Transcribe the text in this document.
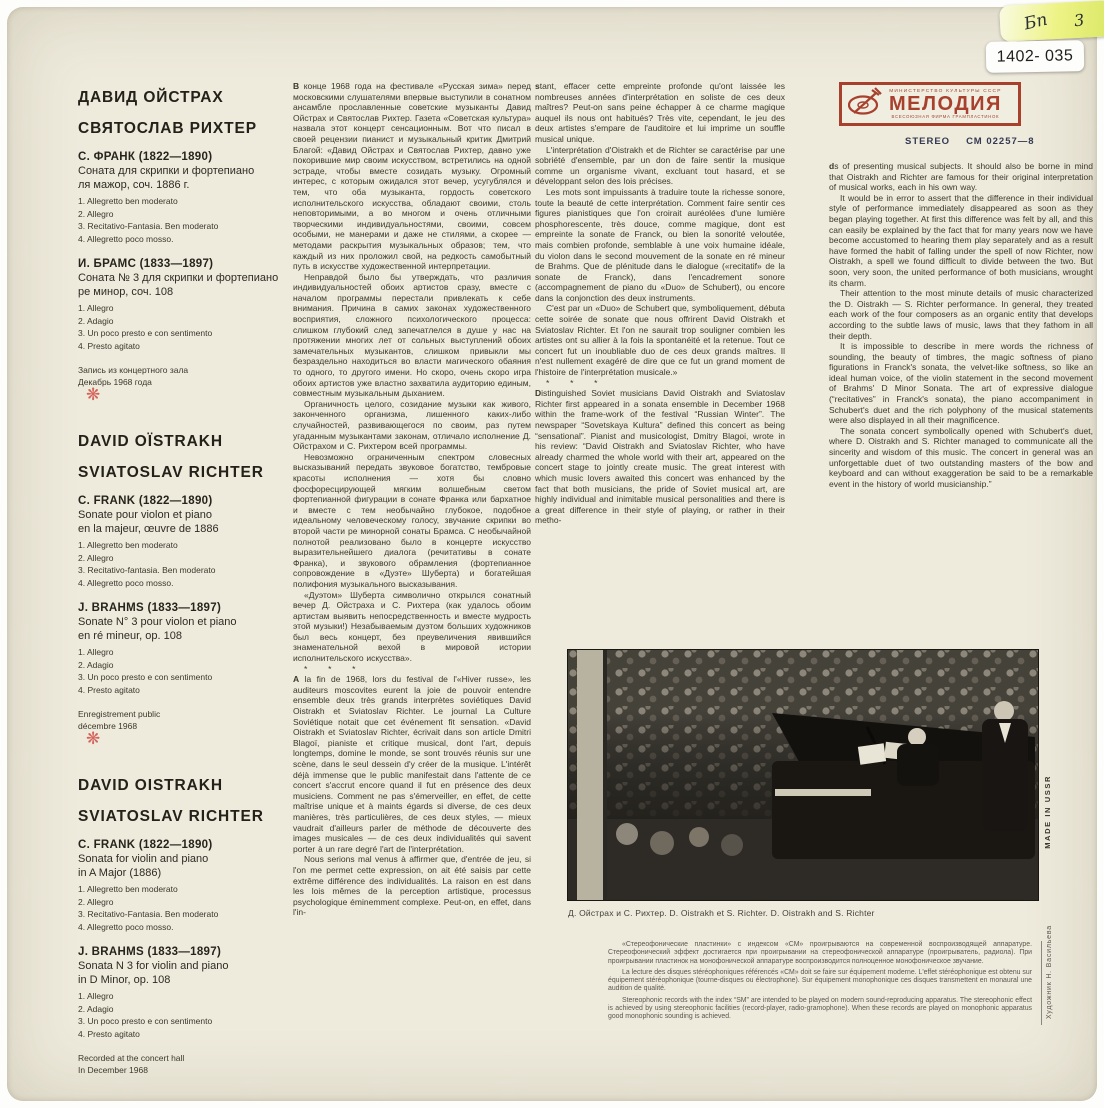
ДАВИД ОЙСТРАХ
СВЯТОСЛАВ РИХТЕР
С. ФРАНК (1822—1890)
Соната для скрипки и фортепиано
ля мажор, соч. 1886 г.
1. Allegretto ben moderato
2. Allegro
3. Recitativo-Fantasia. Ben moderato
4. Allegretto poco mosso.
И. БРАМС (1833—1897)
Соната № 3 для скрипки и фортепиано
ре минор, соч. 108
1. Allegro
2. Adagio
3. Un poco presto e con sentimento
4. Presto agitato
Запись из концертного зала
Декабрь 1968 года
❋
DAVID OÏSTRAKH
SVIATOSLAV RICHTER
C. FRANK (1822—1890)
Sonate pour violon et piano
en la majeur, œuvre de 1886
1. Allegretto ben moderato
2. Allegro
3. Recitativo-fantasia. Ben moderato
4. Allegretto poco mosso.
J. BRAHMS (1833—1897)
Sonate N° 3 pour violon et piano
en ré mineur, op. 108
1. Allegro
2. Adagio
3. Un poco presto e con sentimento
4. Presto agitato
Enregistrement public
décembre 1968
❋
DAVID OISTRAKH
SVIATOSLAV RICHTER
C. FRANK (1822—1890)
Sonata for violin and piano
in A Major (1886)
1. Allegretto ben moderato
2. Allegro
3. Recitativo-Fantasia. Ben moderato
4. Allegretto poco mosso.
J. BRAHMS (1833—1897)
Sonata N 3 for violin and piano
in D Minor, op. 108
1. Allegro
2. Adagio
3. Un poco presto e con sentimento
4. Presto agitato
Recorded at the concert hall
In December 1968

В конце 1968 года на фестивале «Русская зима» перед московскими слушателями впервые выступили в сонатном ансамбле прославленные советские музыканты Давид Ойстрах и Святослав Рихтер. Газета «Советская культура» назвала этот концерт сенсационным. Вот что писал в своей рецензии пианист и музыкальный критик Дмитрий Благой: «Давид Ойстрах и Святослав Рихтер, давно уже покорившие мир своим искусством, встретились на одной эстраде, чтобы вместе созидать музыку. Огромный интерес, с которым ожидался этот вечер, усугублялся и тем, что оба музыканта, гордость советского исполнительского искусства, обладают своими, столь неповторимыми, а во многом и очень отличными творческими индивидуальностями, своими, совсем особыми, не манерами и даже не стилями, а скорее — методами раскрытия музыкальных образов; тем, что каждый из них проложил свой, на редкость самобытный путь в искусстве художественной интерпретации.

Неправдой было бы утверждать, что различия индивидуальностей обоих артистов сразу, вместе с началом программы перестали привлекать к себе внимания. Причина в самих законах художественного восприятия, сложного психологического процесса: слишком глубокий след запечатлелся в душе у нас на протяжении многих лет от сольных выступлений обоих замечательных музыкантов, слишком привыкли мы безраздельно находиться во власти магического обаяния то одного, то другого имени. Но скоро, очень скоро игра обоих артистов уже властно захватила аудиторию единым, совместным музыкальным дыханием.

Органичность целого, созидание музыки как живого, законченного организма, лишенного каких-либо случайностей, развивающегося по своим, раз путем угаданным музыкантами законам, отличало исполнение Д. Ойстрахом и С. Рихтером всей программы.

Невозможно ограниченным спектром словесных высказываний передать звуковое богатство, тембровые красоты исполнения — хотя бы словно фосфоресцирующей мягким волшебным светом фортепианной фигурации в сонате Франка или бархатное и вместе с тем необычайно глубокое, подобное идеальному человеческому голосу, звучание скрипки во второй части ре минорной сонаты Брамса. С необычайной полнотой реализовано было в концерте искусство выразительнейшего диалога (речитативы в сонате Франка), и звукового обрамления (фортепианное сопровождение в «Дуэте» Шуберта) и богатейшая полифония музыкального высказывания.

«Дуэтом» Шуберта символично открылся сонатный вечер Д. Ойстраха и С. Рихтера (как удалось обоим артистам выявить непосредственность и вместе мудрость этой музыки!) Незабываемым дуэтом больших художников был весь концерт, без преувеличения явившийся знаменательной вехой в мировой истории исполнительского искусства».

* * *

A la fin de 1968, lors du festival de l'«Hiver russe», les auditeurs moscovites eurent la joie de pouvoir entendre ensemble deux très grands interprètes soviétiques David Oistrakh et Sviatoslav Richter. Le journal La Culture Soviétique notait que cet événement fit sensation. «David Oistrakh et Sviatoslav Richter, écrivait dans son article Dmitri Blagoï, pianiste et critique musical, dont l'art, depuis longtemps, domine le monde, se sont trouvés réunis sur une scène, dans le seul dessein d'y créer de la musique. L'intérêt déjà immense que le public manifestait dans l'attente de ce concert s'accrut encore quand il fut en présence des deux musiciens. Comment ne pas s'émerveiller, en effet, de cette maîtrise unique et à maints égards si diverse, de ces deux manières, très particulières, de ces deux styles, — mieux vaudrait d'ailleurs parler de méthode de découverte des images musicales — de ces deux individualités qui savent porter à un rare degré l'art de l'interprétation.

Nous serions mal venus à affirmer que, d'entrée de jeu, si l'on me permet cette expression, on ait été saisis par cette extrême différence des individualités. La raison en est dans les lois mêmes de la perception artistique, processus psychologique éminemment complexe. Peut-on, en effet, dans l'in-

stant, effacer cette empreinte profonde qu'ont laissée les nombreuses années d'interprétation en soliste de ces deux maîtres? Peut-on sans peine échapper à ce charme magique auquel ils nous ont habitués? Très vite, cependant, le jeu des deux artistes s'empare de l'auditoire et lui imprime un souffle musical unique.

L'interprétation d'Oistrakh et de Richter se caractérise par une sobriété d'ensemble, par un don de faire sentir la musique comme un organisme vivant, excluant tout hasard, et se développant selon des lois précises.

Les mots sont impuissants à traduire toute la richesse sonore, toute la beauté de cette interprétation. Comment faire sentir ces figures pianistiques que l'on croirait auréolées d'une lumière phosphorescente, très douce, comme magique, dont est empreinte la sonate de Franck, ou bien la sonorité veloutée, mais combien profonde, semblable à une voix humaine idéale, du violon dans le second mouvement de la sonate en ré mineur de Brahms. Que de plénitude dans le dialogue («recitatif» de la sonate de Franck), dans l'encadrement sonore (accompagnement de piano du «Duo» de Schubert), ou encore dans la conjonction des deux instruments.

C'est par un «Duo» de Schubert que, symboliquement, débuta cette soirée de sonate que nous offrirent David Oistrakh et Sviatoslav Richter. Et l'on ne saurait trop souligner combien les artistes ont su allier à la fois la spontanéité et la retenue. Tout ce concert fut un inoubliable duo de ces deux grands maîtres. Il n'est nullement exagéré de dire que ce fut un grand moment de l'histoire de l'interprétation musicale.»

* * *

Distinguished Soviet musicians David Oistrakh and Sviatoslav Richter first appeared in a sonata ensemble in December 1968 within the frame-work of the festival “Russian Winter”. The newspaper “Sovetskaya Kultura” defined this concert as being “sensational”. Pianist and musicologist, Dmitry Blagoi, wrote in his review: “David Oistrakh and Sviatoslav Richter, who have already charmed the whole world with their art, appeared on the concert stage to jointly create music. The great interest with which music lovers awaited this concert was enhanced by the fact that both musicians, the pride of Soviet musical art, are highly individual and inimitable musical personalities and there is a great difference in their style of playing, or rather in their metho-

МИНИСТЕРСТВО КУЛЬТУРЫ СССР
МЕЛОДИЯ
ВСЕСОЮЗНАЯ ФИРМА ГРАМПЛАСТИНОК
STEREO СМ 02257—8

ds of presenting musical subjects. It should also be borne in mind that Oistrakh and Richter are famous for their original interpretation of musical works, each in his own way.

It would be in error to assert that the difference in their individual style of performance immediately disappeared as soon as they began playing together. At first this difference was felt by all, and this can easily be explained by the fact that for many years now we have become accustomed to hearing them play separately and as a result have formed the habit of falling under the spell of now Richter, now Oistrakh, a spell we found difficult to divide between the two. But soon, very soon, the united performance of both musicians, wrought its charm.

Their attention to the most minute details of music characterized the D. Oistrakh — S. Richter performance. In general, they treated each work of the four composers as an organic entity that develops according to the subtle laws of music, laws that they fathom in all their depth.

It is impossible to describe in mere words the richness of sounding, the beauty of timbres, the magic softness of piano figurations in Franck's sonata, the velvet-like softness, so like an ideal human voice, of the violin statement in the second movement of Brahms' D Minor Sonata. The art of expressive dialogue (“recitatives” in Franck's sonata), the piano accompaniment in Schubert's duet and the rich polyphony of the musical statements were also displayed in all their magnificence.

The sonata concert symbolically opened with Schubert's duet, where D. Oistrakh and S. Richter managed to communicate all the sincerity and wisdom of this music. The concert in general was an unforgettable duet of two outstanding masters of the bow and keyboard and can without exaggeration be said to be a remarkable event in the history of world musicianship.”

Д. Ойстрах и С. Рихтер. D. Oistrakh et S. Richter. D. Oistrakh and S. Richter

«Стереофонические пластинки» с индексом «СМ» проигрываются на современной воспроизводящей аппаратуре. Стереофонический эффект достигается при проигрывании на стереофонической аппаратуре (проигрыватель, радиола). При проигрывании пластинок на монофонической аппаратуре воспроизводится полноценное монофоническое звучание.

La lecture des disques stéréophoniques référencés «СМ» doit se faire sur équipement moderne. L'effet stéréophonique est obtenu sur équipement stéréophonique (tourne-disques ou électrophone). Sur équipement monophonique ces disques transmettent en monaural une audition de qualité.

Stereophonic records with the index “SM” are intended to be played on modern sound-reproducing apparatus. The stereophonic effect is achieved by using stereophonic facilities (record-player, radio-gramophone). When these records are played on monophonic apparatus good monophonic sounding is achieved.

MADE IN USSR
Художник Н. Васильева
Бп 3
1402- 035
